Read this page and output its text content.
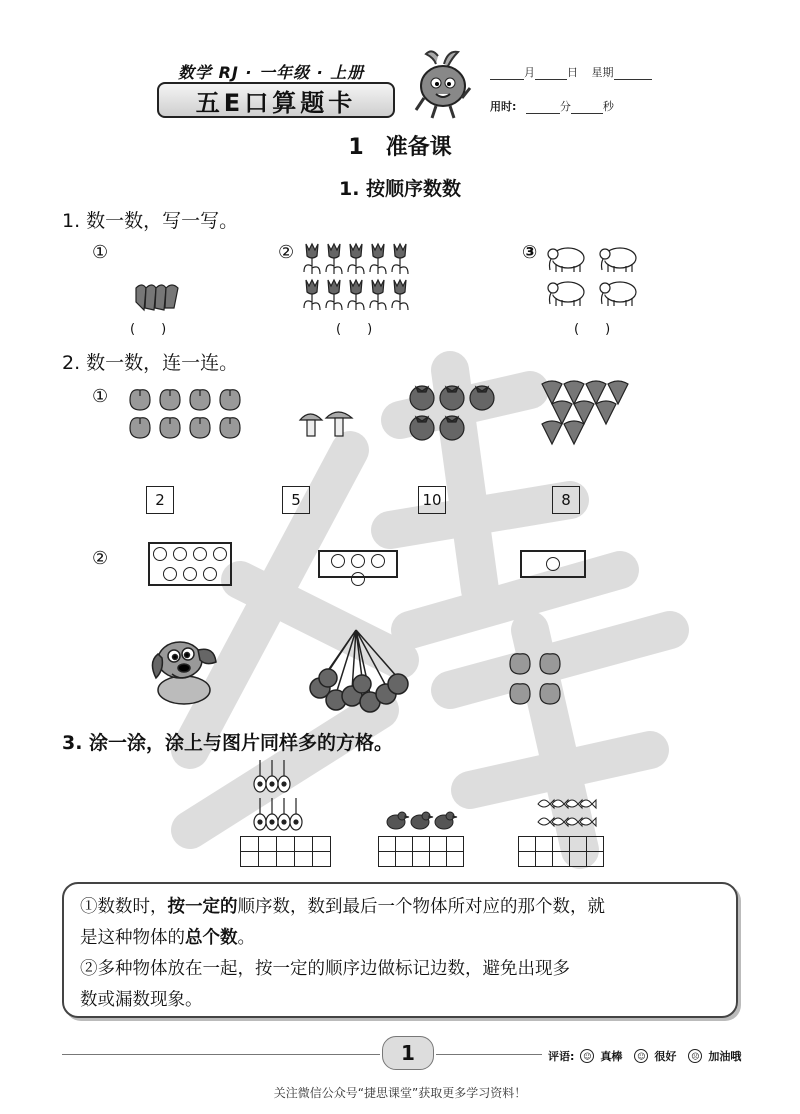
数学 RJ · 一年级 · 上册
五E口算题卡
月	日 星期
用时:	分	秒
1　准备课
1. 按顺序数数
1. 数一数，写一写。
①	②	③
(　　)	(　　)	(　　)
2. 数一数，连一连。
①
2	5	10	8
②
3. 涂一涂，涂上与图片同样多的方格。
①数数时，按一定的顺序数，数到最后一个物体所对应的那个数，就
是这种物体的总个数。
②多种物体放在一起，按一定的顺序边做标记边数，避免出现多
数或漏数现象。
1	评语:	☺ 真棒	☺ 很好	☹ 加油哦
关注微信公众号“捷思课堂”获取更多学习资料！
